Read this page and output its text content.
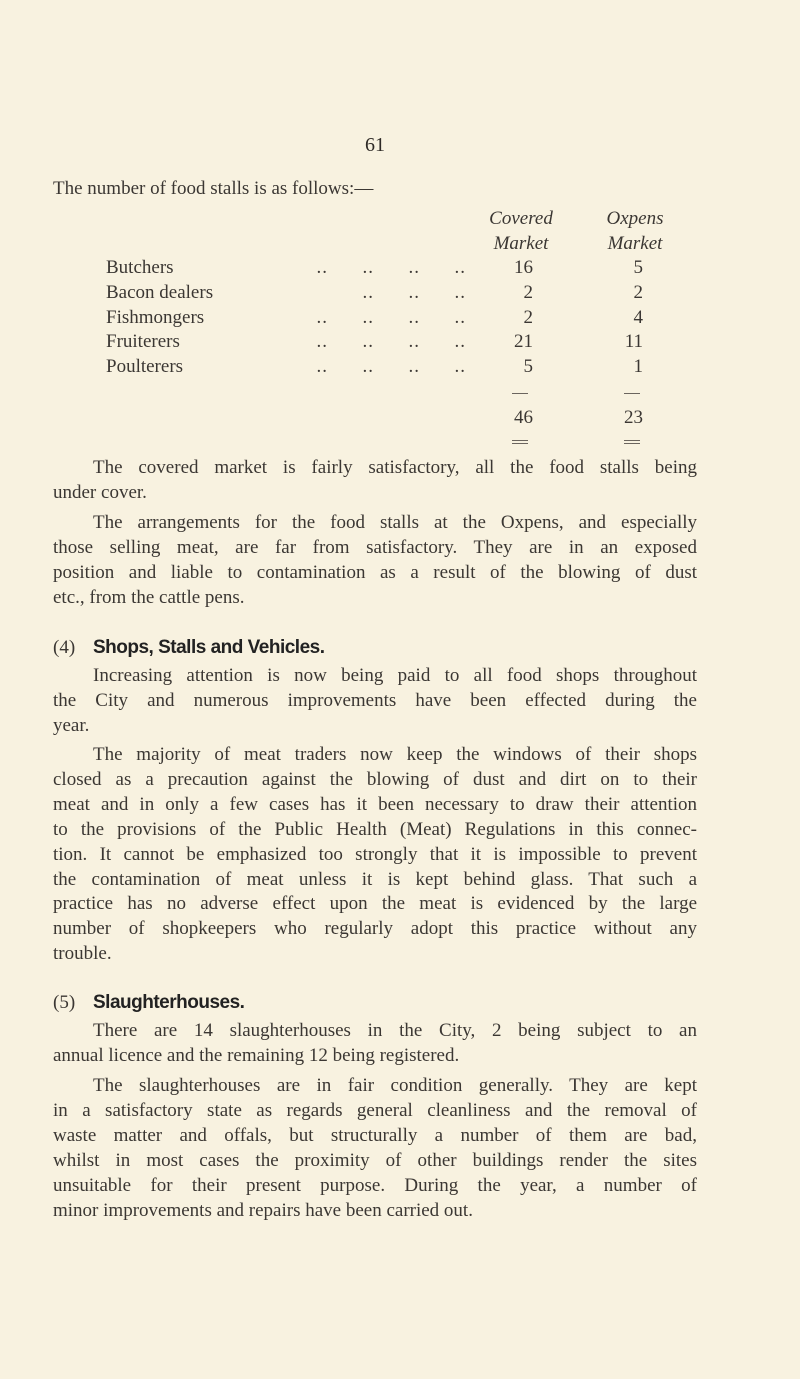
61
The number of food stalls is as follows:—
Covered
Market
Oxpens
Market
Butchers	..      ..      ..      ..	16	5
Bacon dealers	..      ..      ..	2	2
Fishmongers	..      ..      ..      ..	2	4
Fruiterers	..      ..      ..      ..	21	11
Poulterers	..      ..      ..      ..	5	1
46	23
The covered market is fairly satisfactory, all the food stalls being
under cover.
The arrangements for the food stalls at the Oxpens, and especially
those selling meat, are far from satisfactory. They are in an exposed
position and liable to contamination as a result of the blowing of dust
etc., from the cattle pens.
(4) Shops, Stalls and Vehicles.
Increasing attention is now being paid to all food shops throughout
the City and numerous improvements have been effected during the
year.
The majority of meat traders now keep the windows of their shops
closed as a precaution against the blowing of dust and dirt on to their
meat and in only a few cases has it been necessary to draw their attention
to the provisions of the Public Health (Meat) Regulations in this connec-
tion. It cannot be emphasized too strongly that it is impossible to prevent
the contamination of meat unless it is kept behind glass. That such a
practice has no adverse effect upon the meat is evidenced by the large
number of shopkeepers who regularly adopt this practice without any
trouble.
(5) Slaughterhouses.
There are 14 slaughterhouses in the City, 2 being subject to an
annual licence and the remaining 12 being registered.
The slaughterhouses are in fair condition generally. They are kept
in a satisfactory state as regards general cleanliness and the removal of
waste matter and offals, but structurally a number of them are bad,
whilst in most cases the proximity of other buildings render the sites
unsuitable for their present purpose. During the year, a number of
minor improvements and repairs have been carried out.
